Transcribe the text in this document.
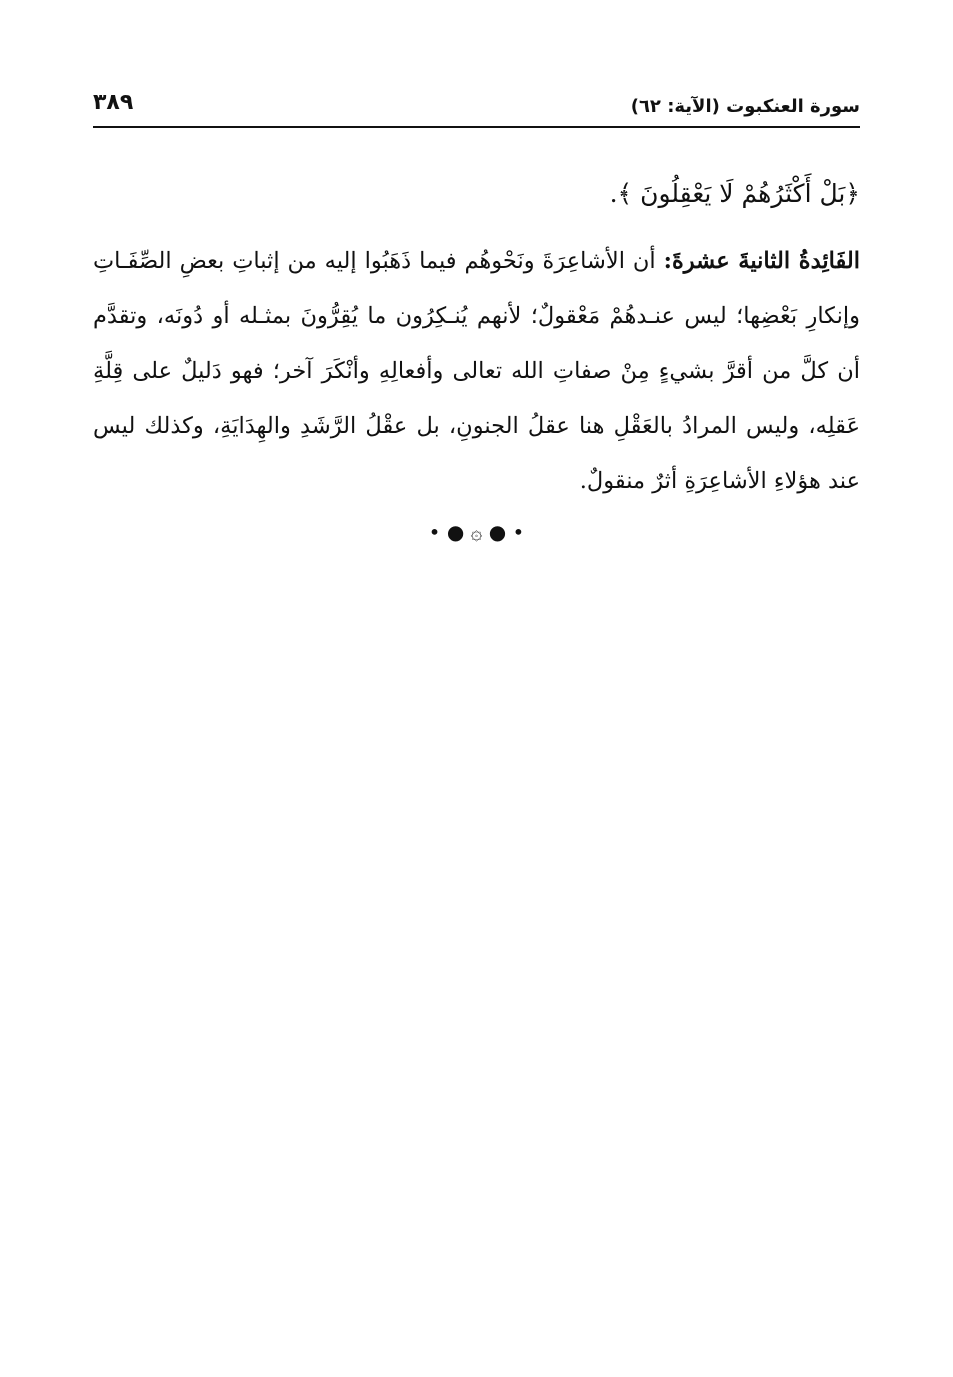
سورة العنكبوت (الآية: ٦٢)
٣٨٩
﴿بَلْ أَكْثَرُهُمْ لَا يَعْقِلُونَ ﴾.
الفَائِدةُ الثانيةَ عشرةَ: أن الأشاعِرَةَ ونَحْوهُم فيما ذَهَبُوا إليه من إثباتِ بعضِ الصِّفَـاتِ وإنكارِ بَعْضِها؛ ليس عنـدهُمْ مَعْقولٌ؛ لأنهم يُنـكِرُون ما يُقِرُّونَ بمثـله أو دُونَه، وتقدَّم أن كلَّ من أقرَّ بشيءٍ مِنْ صفاتِ الله تعالى وأفعالِهِ وأنْكَرَ آخر؛ فهو دَليلٌ على قِلَّةِ عَقلِه، وليس المرادُ بالعَقْلِ هنا عقلُ الجنونِ، بل عقْلُ الرَّشَدِ والهِدَايَةِ، وكذلك ليس عند هؤلاءِ الأشاعِرَةِ أثرٌ منقولٌ.
• ● ۞ ● •
